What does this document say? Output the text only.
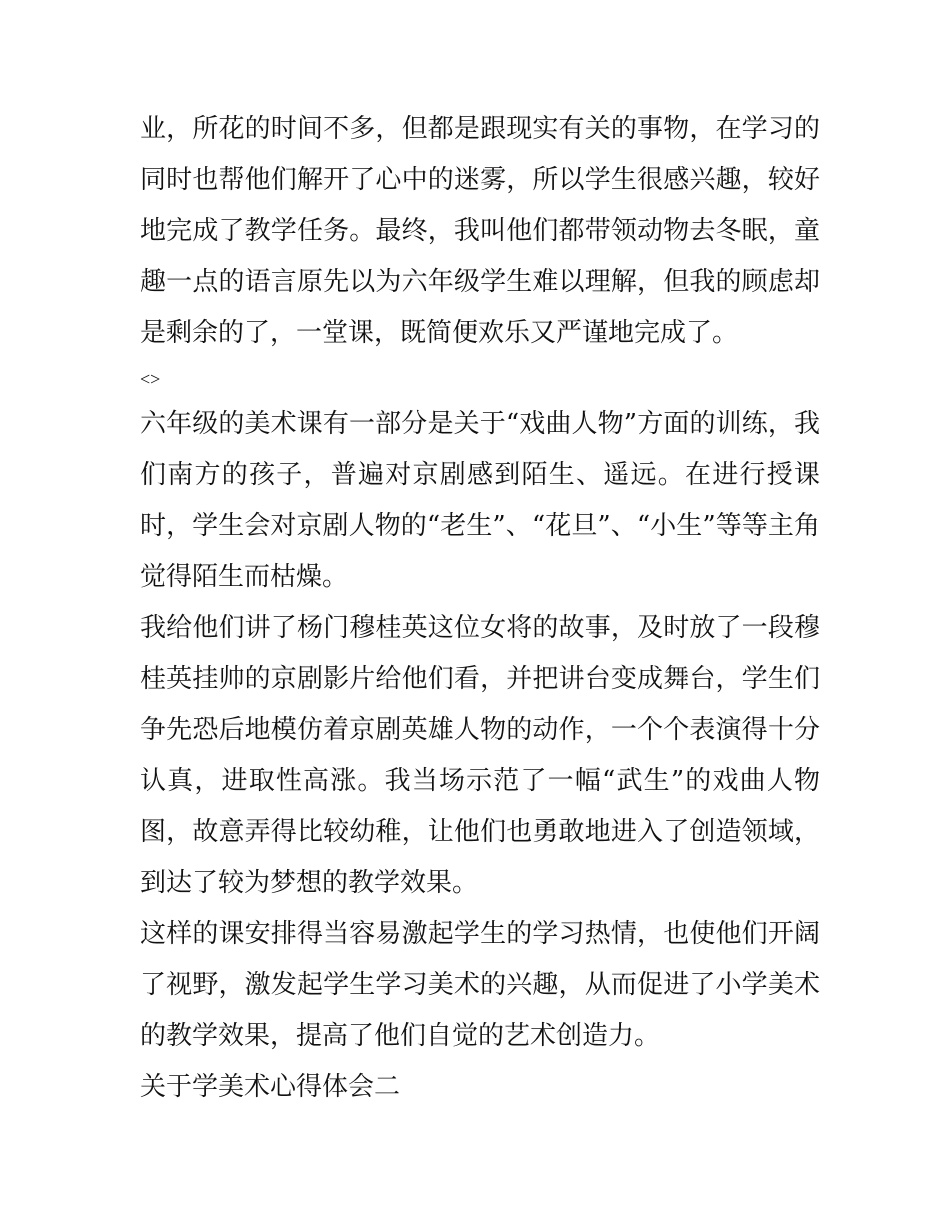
业，所花的时间不多，但都是跟现实有关的事物，在学习的同时也帮他们解开了心中的迷雾，所以学生很感兴趣，较好地完成了教学任务。最终，我叫他们都带领动物去冬眠，童趣一点的语言原先以为六年级学生难以理解，但我的顾虑却是剩余的了，一堂课，既简便欢乐又严谨地完成了。

<>

六年级的美术课有一部分是关于“戏曲人物”方面的训练，我们南方的孩子，普遍对京剧感到陌生、遥远。在进行授课时，学生会对京剧人物的“老生”、“花旦”、“小生”等等主角觉得陌生而枯燥。

我给他们讲了杨门穆桂英这位女将的故事，及时放了一段穆桂英挂帅的京剧影片给他们看，并把讲台变成舞台，学生们争先恐后地模仿着京剧英雄人物的动作，一个个表演得十分认真，进取性高涨。我当场示范了一幅“武生”的戏曲人物图，故意弄得比较幼稚，让他们也勇敢地进入了创造领域，到达了较为梦想的教学效果。

这样的课安排得当容易激起学生的学习热情，也使他们开阔了视野，激发起学生学习美术的兴趣，从而促进了小学美术的教学效果，提高了他们自觉的艺术创造力。

关于学美术心得体会二
